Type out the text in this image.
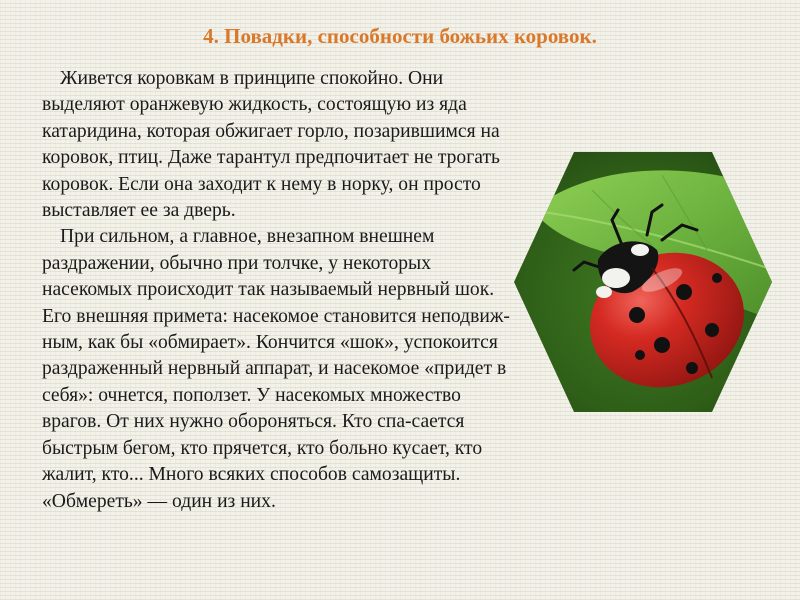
4. Повадки, способности божьих коровок.

Живется коровкам в принципе спокойно. Они выделяют оранжевую жидкость, состоящую из яда катаридина, которая обжигает горло, позарившимся на коровок, птиц. Даже тарантул предпочитает не трогать коровок. Если она заходит к нему в норку, он просто выставляет ее за дверь.

При сильном, а главное, внезапном внешнем раздражении, обычно при толчке, у некоторых насекомых происходит так называемый нервный шок. Его внешняя примета: насекомое становится неподвиж-ным, как бы «обмирает». Кончится «шок», успокоится раздраженный нервный аппарат, и насекомое «придет в себя»: очнется, поползет. У насекомых множество врагов. От них нужно обороняться. Кто спа-сается быстрым бегом, кто прячется, кто больно кусает, кто жалит, кто... Много всяких способов самозащиты. «Обмереть» — один из них.
